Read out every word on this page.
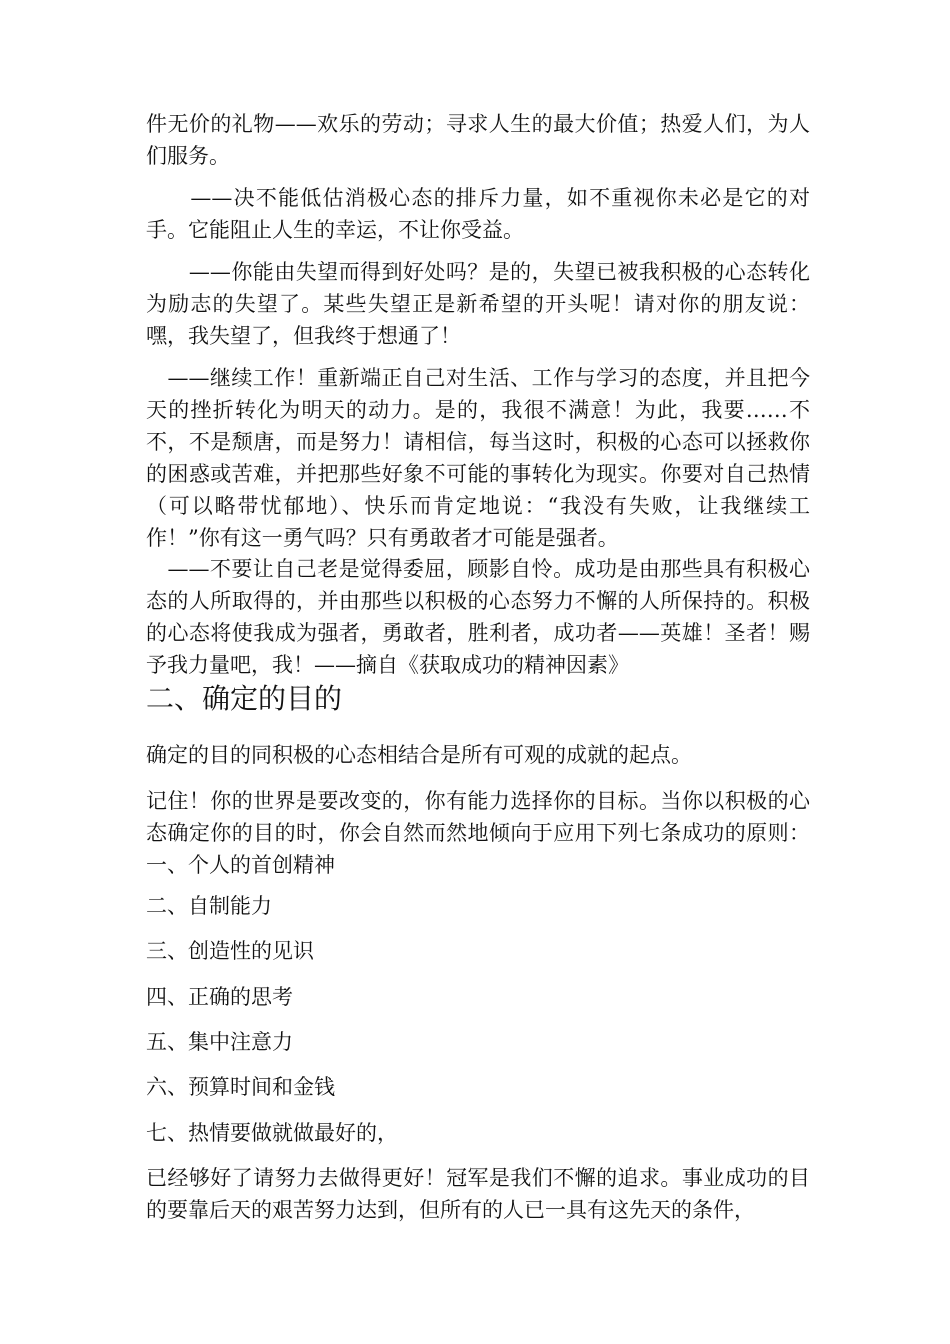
件无价的礼物——欢乐的劳动；寻求人生的最大价值；热爱人们，为人们服务。

　　——决不能低估消极心态的排斥力量，如不重视你未必是它的对手。它能阻止人生的幸运，不让你受益。

　　——你能由失望而得到好处吗？是的，失望已被我积极的心态转化为励志的失望了。某些失望正是新希望的开头呢！请对你的朋友说：嘿，我失望了，但我终于想通了！

　——继续工作！重新端正自己对生活、工作与学习的态度，并且把今天的挫折转化为明天的动力。是的，我很不满意！为此，我要……不不，不是颓唐，而是努力！请相信，每当这时，积极的心态可以拯救你的困惑或苦难，并把那些好象不可能的事转化为现实。你要对自己热情（可以略带忧郁地）、快乐而肯定地说：“我没有失败，让我继续工作！”你有这一勇气吗？只有勇敢者才可能是强者。

　——不要让自己老是觉得委屈，顾影自怜。成功是由那些具有积极心态的人所取得的，并由那些以积极的心态努力不懈的人所保持的。积极的心态将使我成为强者，勇敢者，胜利者，成功者——英雄！圣者！赐予我力量吧，我！——摘自《获取成功的精神因素》

二、确定的目的

确定的目的同积极的心态相结合是所有可观的成就的起点。

记住！你的世界是要改变的，你有能力选择你的目标。当你以积极的心态确定你的目的时，你会自然而然地倾向于应用下列七条成功的原则：一、个人的首创精神

二、自制能力

三、创造性的见识

四、正确的思考

五、集中注意力

六、预算时间和金钱

七、热情要做就做最好的，

已经够好了请努力去做得更好！冠军是我们不懈的追求。事业成功的目的要靠后天的艰苦努力达到，但所有的人已一具有这先天的条件，
